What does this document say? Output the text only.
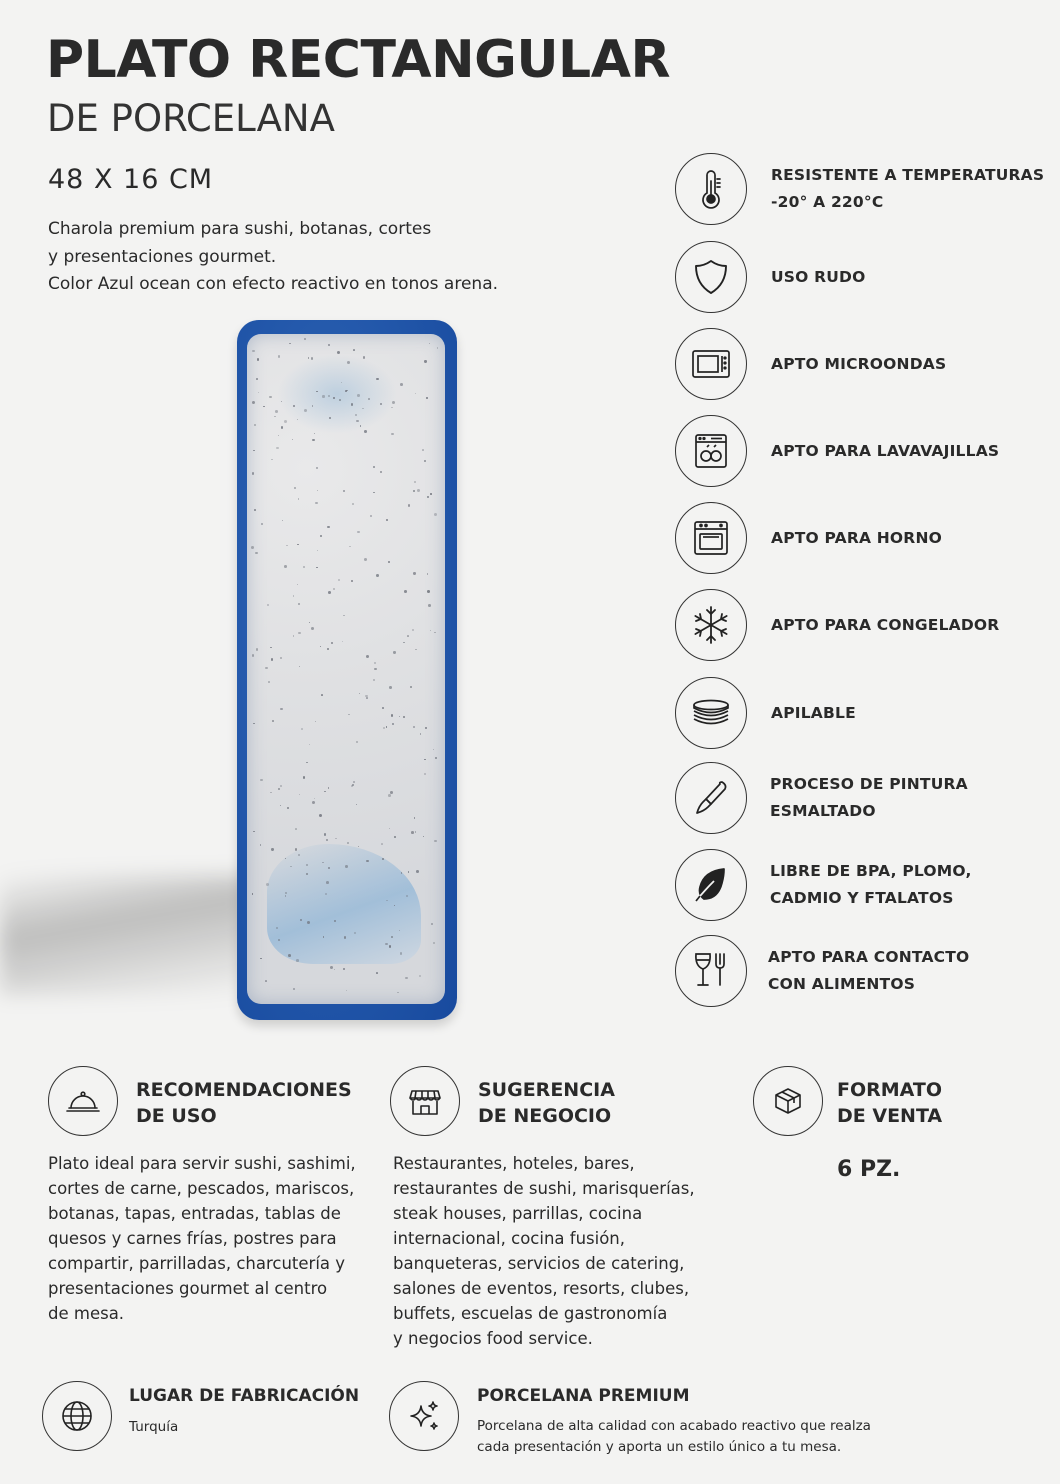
PLATO RECTANGULAR
DE PORCELANA
48 X 16 CM
Charola premium para sushi, botanas, cortes
y presentaciones gourmet.
Color Azul ocean con efecto reactivo en tonos arena.
RESISTENTE A TEMPERATURAS
-20° A 220°C
USO RUDO
APTO MICROONDAS
APTO PARA LAVAVAJILLAS
APTO PARA HORNO
APTO PARA CONGELADOR
APILABLE
PROCESO DE PINTURA
ESMALTADO
LIBRE DE BPA, PLOMO,
CADMIO Y FTALATOS
APTO PARA CONTACTO
CON ALIMENTOS
RECOMENDACIONES
DE USO
Plato ideal para servir sushi, sashimi,
cortes de carne, pescados, mariscos,
botanas, tapas, entradas, tablas de
quesos y carnes frías, postres para
compartir, parrilladas, charcutería y
presentaciones gourmet al centro
de mesa.
SUGERENCIA
DE NEGOCIO
Restaurantes, hoteles, bares,
restaurantes de sushi, marisquerías,
steak houses, parrillas, cocina
internacional, cocina fusión,
banqueteras, servicios de catering,
salones de eventos, resorts, clubes,
buffets, escuelas de gastronomía
y negocios food service.
FORMATO
DE VENTA
6 PZ.
LUGAR DE FABRICACIÓN
Turquía
PORCELANA PREMIUM
Porcelana de alta calidad con acabado reactivo que realza
cada presentación y aporta un estilo único a tu mesa.
